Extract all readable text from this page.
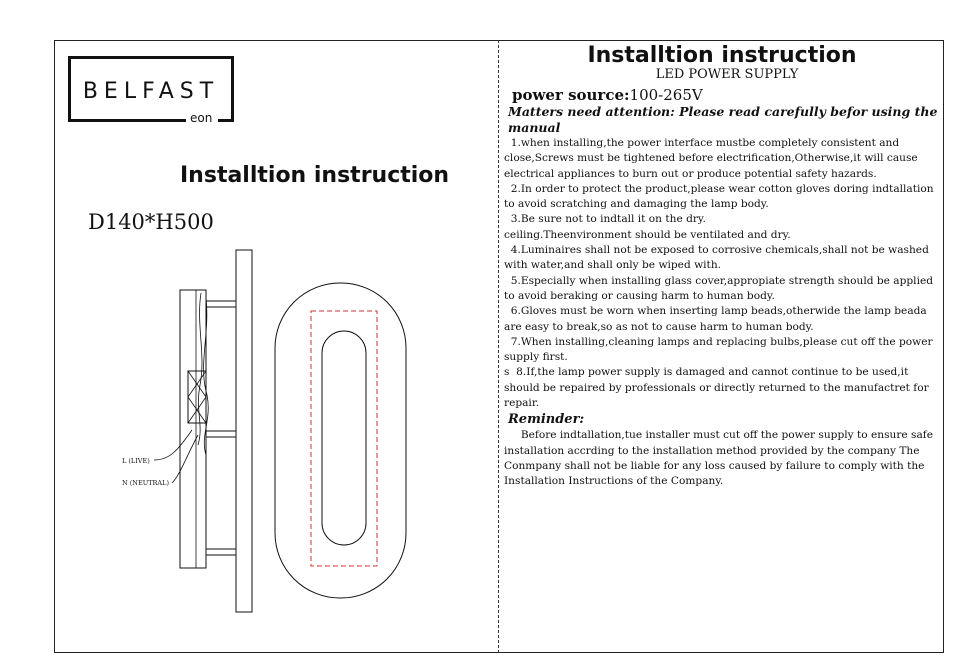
BELFAST
eon
Installtion instruction
D140*H500
L (LIVE)
N (NEUTRAL)
Installtion instruction
LED POWER SUPPLY
power source:100-265V
Matters need attention: Please read carefully befor using the manual
1.when installing,the power interface mustbe completely consistent and close,Screws must be tightened before electrification,Otherwise,it will cause electrical appliances to burn out or produce potential safety hazards.
2.In order to protect the product,please wear cotton gloves doring indtallation to avoid scratching and damaging the lamp body.
3.Be sure not to indtall it on the dry.
ceiling.Theenvironment should be ventilated and dry.
4.Luminaires shall not be exposed to corrosive chemicals,shall not be washed with water,and shall only be wiped with.
5.Especially when installing glass cover,appropiate strength should be applied to avoid beraking or causing harm to human body.
6.Gloves must be worn when inserting lamp beads,otherwide the lamp beada are easy to break,so as not to cause harm to human body.
7.When installing,cleaning lamps and replacing bulbs,please cut off the power supply first.
s  8.If,the lamp power supply is damaged and cannot continue to be used,it should be repaired by professionals or directly returned to the manufactret for repair.
Reminder:
Before indtallation,tue installer must cut off the power supply to ensure safe installation accrding to the installation method provided by the company The Conmpany shall not be liable for any loss caused by failure to comply with the Installation Instructions of the Company.
